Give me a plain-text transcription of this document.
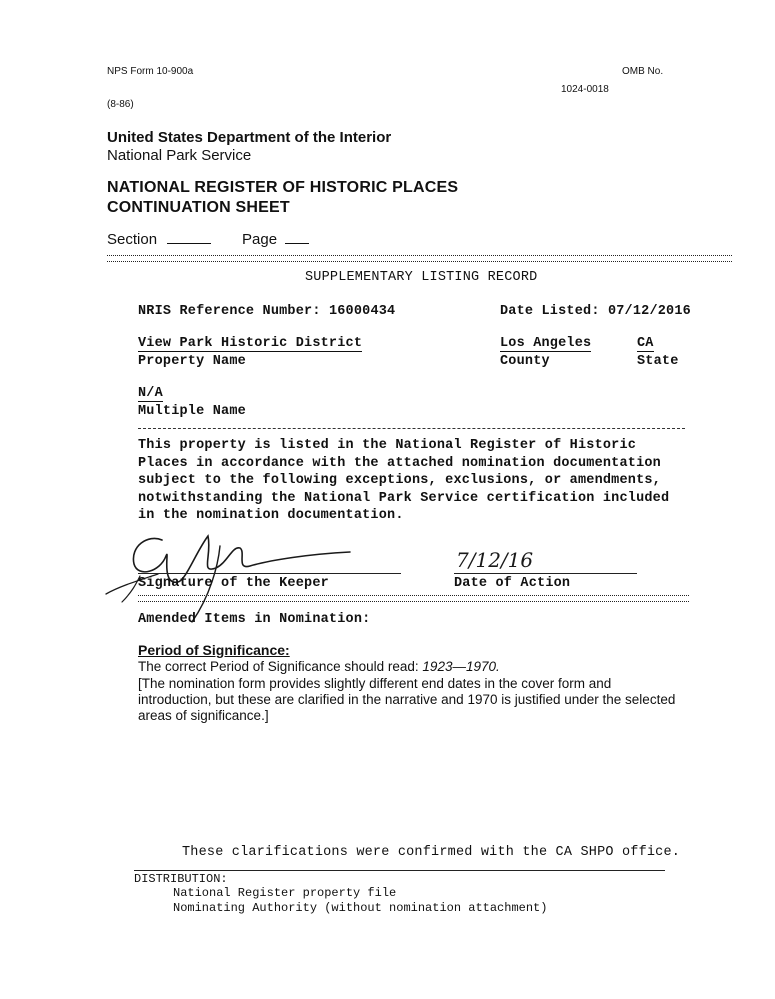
NPS Form 10-900a
(8-86)
OMB No.
1024-0018
United States Department of the Interior
National Park Service
NATIONAL REGISTER OF HISTORIC PLACES
CONTINUATION SHEET
Section	Page
SUPPLEMENTARY LISTING RECORD
NRIS Reference Number: 16000434	Date Listed: 07/12/2016
View Park Historic District
Property Name
Los Angeles
County
CA
State
N/A
Multiple Name
This property is listed in the National Register of Historic
Places in accordance with the attached nomination documentation
subject to the following exceptions, exclusions, or amendments,
notwithstanding the National Park Service certification included
in the nomination documentation.
7/12/16
Signature of the Keeper	Date of Action
Amended Items in Nomination:
Period of Significance:
The correct Period of Significance should read: 1923—1970.
[The nomination form provides slightly different end dates in the cover form and
introduction, but these are clarified in the narrative and 1970 is justified under the selected
areas of significance.]
These clarifications were confirmed with the CA SHPO office.
DISTRIBUTION:
National Register property file
Nominating Authority (without nomination attachment)
